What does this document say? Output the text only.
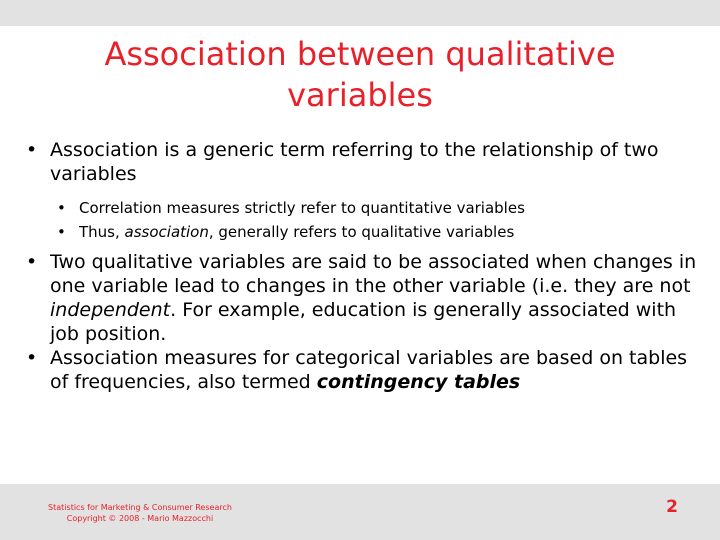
Association between qualitative
variables

• Association is a generic term referring to the relationship of two variables

• Correlation measures strictly refer to quantitative variables

• Thus, association, generally refers to qualitative variables

• Two qualitative variables are said to be associated when changes in one variable lead to changes in the other variable (i.e. they are not independent. For example, education is generally associated with job position.

• Association measures for categorical variables are based on tables of frequencies, also termed contingency tables

Statistics for Marketing & Consumer Research
Copyright © 2008 - Mario Mazzocchi
2
